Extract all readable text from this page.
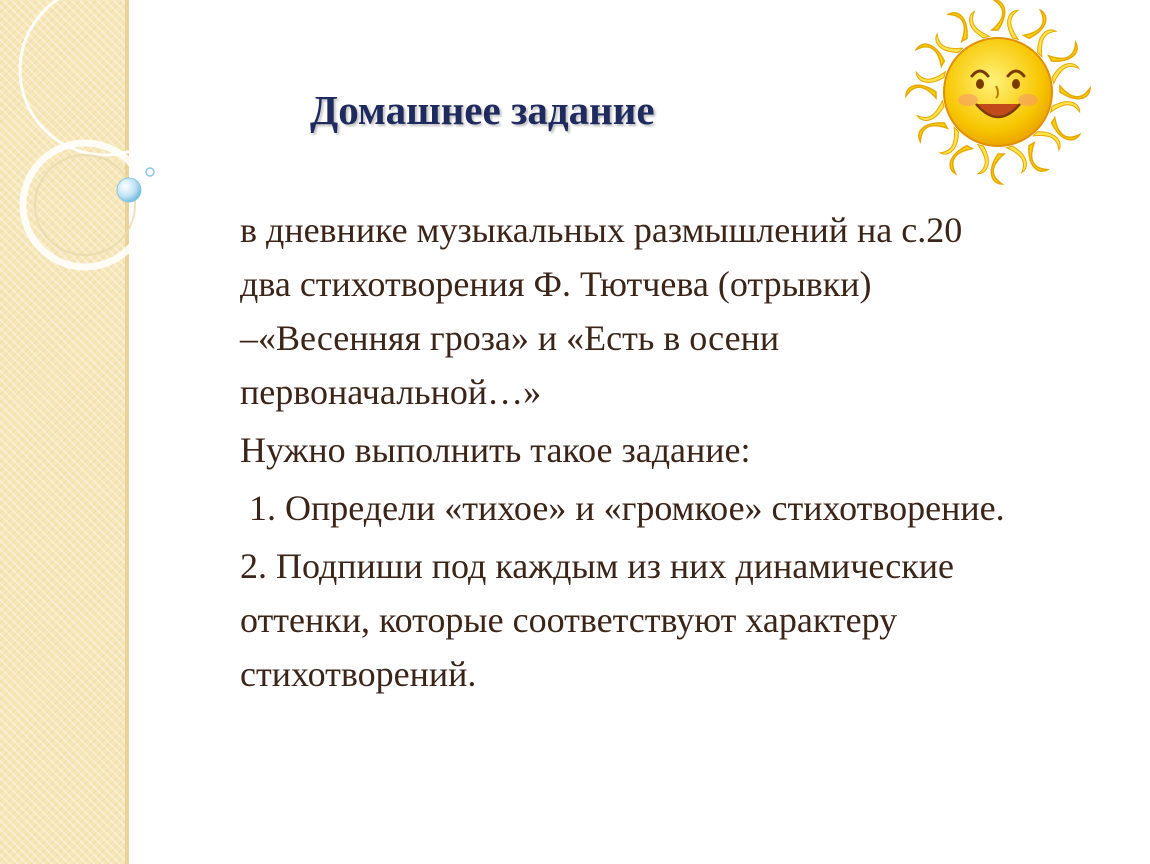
Домашнее задание

в дневнике музыкальных размышлений на с.20 два стихотворения Ф. Тютчева (отрывки) –«Весенняя гроза» и «Есть в осени первоначальной…»

Нужно выполнить такое задание:

1. Определи «тихое» и «громкое» стихотворение.

2. Подпиши под каждым из них динамические оттенки, которые соответствуют характеру стихотворений.
